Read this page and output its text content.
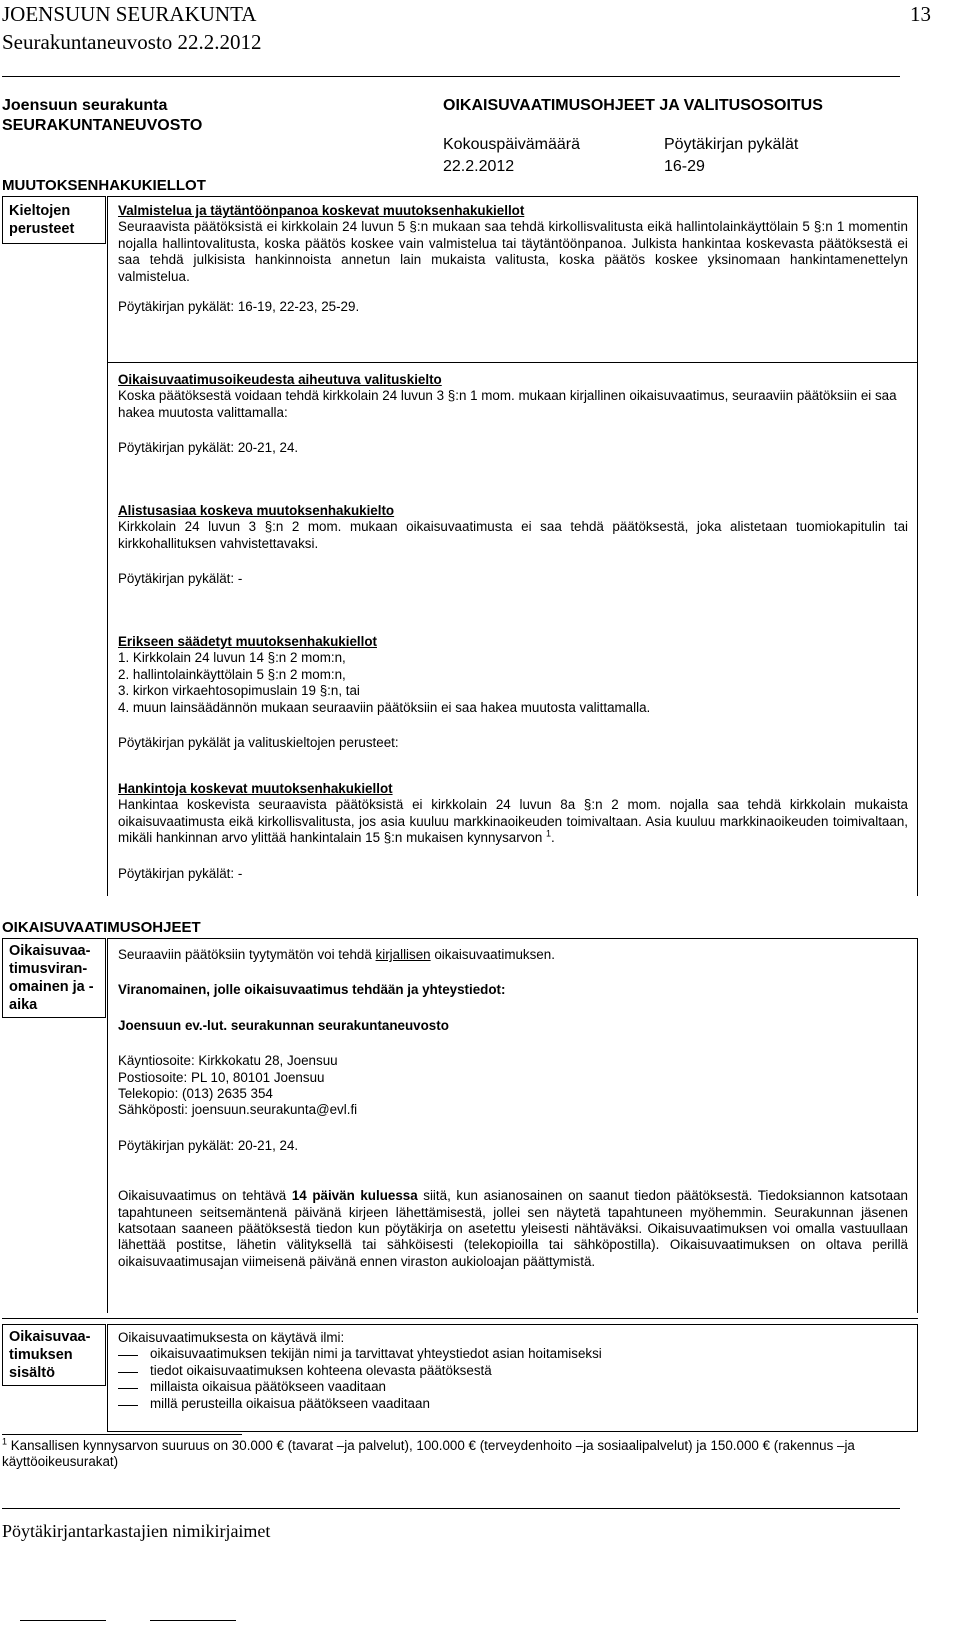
JOENSUUN SEURAKUNTA	13
Seurakuntaneuvosto 22.2.2012
Joensuun seurakunta
SEURAKUNTANEUVOSTO
OIKAISUVAATIMUSOHJEET JA VALITUSOSOITUS
Kokouspäivämäärä
22.2.2012
Pöytäkirjan pykälät
16-29
MUUTOKSENHAKUKIELLOT
Kieltojen perusteet
Valmistelua ja täytäntöönpanoa koskevat muutoksenhakukiellot

Seuraavista päätöksistä ei kirkkolain 24 luvun 5 §:n mukaan saa tehdä kirkollisvalitusta eikä hallintolainkäyttölain 5 §:n 1 momentin nojalla hallintovalitusta, koska päätös koskee vain valmistelua tai täytäntöönpanoa. Julkista hankintaa koskevasta päätöksestä ei saa tehdä julkisista hankinnoista annetun lain mukaista valitusta, koska päätös koskee yksinomaan hankintamenettelyn valmistelua.

Pöytäkirjan pykälät: 16-19, 22-23, 25-29.

Oikaisuvaatimusoikeudesta aiheutuva valituskielto

Koska päätöksestä voidaan tehdä kirkkolain 24 luvun 3 §:n 1 mom. mukaan kirjallinen oikaisuvaatimus, seuraaviin päätöksiin ei saa hakea muutosta valittamalla:

Pöytäkirjan pykälät: 20-21, 24.

Alistusasiaa koskeva muutoksenhakukielto

Kirkkolain 24 luvun 3 §:n 2 mom. mukaan oikaisuvaatimusta ei saa tehdä päätöksestä, joka alistetaan tuomiokapitulin tai kirkkohallituksen vahvistettavaksi.

Pöytäkirjan pykälät: -

Erikseen säädetyt muutoksenhakukiellot
1. Kirkkolain 24 luvun 14 §:n 2 mom:n,
2. hallintolainkäyttölain 5 §:n 2 mom:n,
3. kirkon virkaehtosopimuslain 19 §:n, tai
4. muun lainsäädännön mukaan seuraaviin päätöksiin ei saa hakea muutosta valittamalla.

Pöytäkirjan pykälät ja valituskieltojen perusteet:

Hankintoja koskevat muutoksenhakukiellot

Hankintaa koskevista seuraavista päätöksistä ei kirkkolain 24 luvun 8a §:n 2 mom. nojalla saa tehdä kirkkolain mukaista oikaisuvaatimusta eikä kirkollisvalitusta, jos asia kuuluu markkinaoikeuden toimivaltaan. Asia kuuluu markkinaoikeuden toimivaltaan, mikäli hankinnan arvo ylittää hankintalain 15 §:n mukaisen kynnysarvon $^1$.

Pöytäkirjan pykälät: -

OIKAISUVAATIMUSOHJEET
Oikaisuvaa-
timusviran-
omainen ja -
aika

Seuraaviin päätöksiin tyytymätön voi tehdä kirjallisen oikaisuvaatimuksen.

Viranomainen, jolle oikaisuvaatimus tehdään ja yhteystiedot:

Joensuun ev.-lut. seurakunnan seurakuntaneuvosto

Käyntiosoite: Kirkkokatu 28, Joensuu
Postiosoite: PL 10, 80101 Joensuu
Telekopio: (013) 2635 354
Sähköposti: joensuun.seurakunta@evl.fi

Pöytäkirjan pykälät: 20-21, 24.

Oikaisuvaatimus on tehtävä 14 päivän kuluessa siitä, kun asianosainen on saanut tiedon päätöksestä. Tiedoksiannon katsotaan tapahtuneen seitsemäntenä päivänä kirjeen lähettämisestä, jollei sen näytetä tapahtuneen myöhemmin. Seurakunnan jäsenen katsotaan saaneen päätöksestä tiedon kun pöytäkirja on asetettu yleisesti nähtäväksi. Oikaisuvaatimuksen voi omalla vastuullaan lähettää postitse, lähetin välityksellä tai sähköisesti (telekopioilla tai sähköpostilla). Oikaisuvaatimuksen on oltava perillä oikaisuvaatimusajan viimeisenä päivänä ennen viraston aukioloajan päättymistä.

Oikaisuvaa-
timuksen
sisältö
Oikaisuvaatimuksesta on käytävä ilmi:
oikaisuvaatimuksen tekijän nimi ja tarvittavat yhteystiedot asian hoitamiseksi
tiedot oikaisuvaatimuksen kohteena olevasta päätöksestä
millaista oikaisua päätökseen vaaditaan
millä perusteilla oikaisua päätökseen vaaditaan
$^1$ Kansallisen kynnysarvon suuruus on 30.000 € (tavarat –ja palvelut), 100.000 € (terveydenhoito –ja sosiaalipalvelut) ja 150.000 € (rakennus –ja käyttöoikeusurakat)
Pöytäkirjantarkastajien nimikirjaimet
